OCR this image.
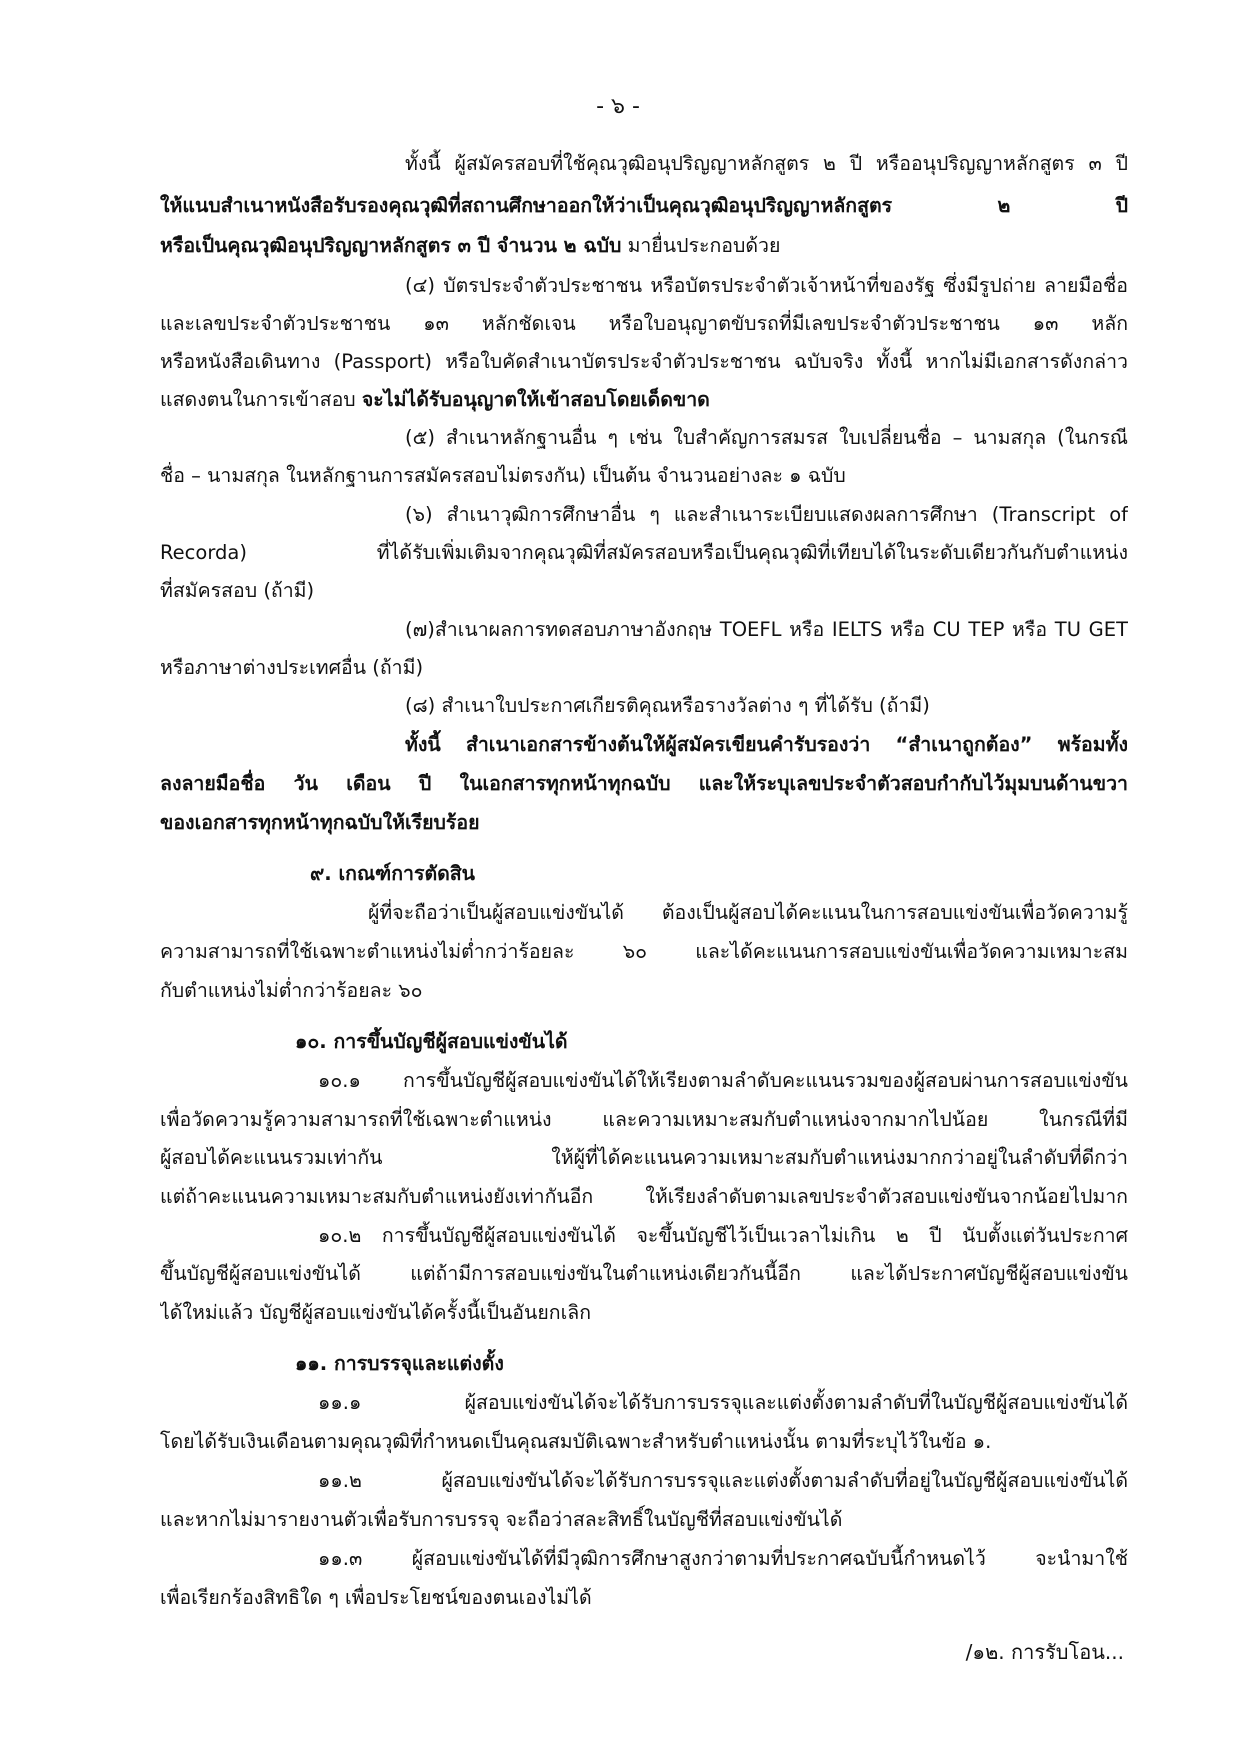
- ๖ -
ทั้งนี้ ผู้สมัครสอบที่ใช้คุณวุฒิอนุปริญญาหลักสูตร ๒ ปี หรืออนุปริญญาหลักสูตร ๓ ปี
ให้แนบสำเนาหนังสือรับรองคุณวุฒิที่สถานศึกษาออกให้ว่าเป็นคุณวุฒิอนุปริญญาหลักสูตร ๒ ปี
หรือเป็นคุณวุฒิอนุปริญญาหลักสูตร ๓ ปี จำนวน ๒ ฉบับ มายื่นประกอบด้วย
(๔) บัตรประจำตัวประชาชน หรือบัตรประจำตัวเจ้าหน้าที่ของรัฐ ซึ่งมีรูปถ่าย ลายมือชื่อ
และเลขประจำตัวประชาชน ๑๓ หลักชัดเจน หรือใบอนุญาตขับรถที่มีเลขประจำตัวประชาชน ๑๓ หลัก
หรือหนังสือเดินทาง (Passport) หรือใบคัดสำเนาบัตรประจำตัวประชาชน ฉบับจริง ทั้งนี้ หากไม่มีเอกสารดังกล่าว
แสดงตนในการเข้าสอบ จะไม่ได้รับอนุญาตให้เข้าสอบโดยเด็ดขาด
(๕) สำเนาหลักฐานอื่น ๆ เช่น ใบสำคัญการสมรส ใบเปลี่ยนชื่อ – นามสกุล (ในกรณี
ชื่อ – นามสกุล ในหลักฐานการสมัครสอบไม่ตรงกัน) เป็นต้น จำนวนอย่างละ ๑ ฉบับ
(๖) สำเนาวุฒิการศึกษาอื่น ๆ และสำเนาระเบียบแสดงผลการศึกษา (Transcript of
Recorda) ที่ได้รับเพิ่มเติมจากคุณวุฒิที่สมัครสอบหรือเป็นคุณวุฒิที่เทียบได้ในระดับเดียวกันกับตำแหน่ง
ที่สมัครสอบ (ถ้ามี)
(๗)สำเนาผลการทดสอบภาษาอังกฤษ TOEFL หรือ IELTS หรือ CU TEP หรือ TU GET
หรือภาษาต่างประเทศอื่น (ถ้ามี)
(๘) สำเนาใบประกาศเกียรติคุณหรือรางวัลต่าง ๆ ที่ได้รับ (ถ้ามี)
ทั้งนี้ สำเนาเอกสารข้างต้นให้ผู้สมัครเขียนคำรับรองว่า “สำเนาถูกต้อง” พร้อมทั้ง
ลงลายมือชื่อ วัน เดือน ปี ในเอกสารทุกหน้าทุกฉบับ และให้ระบุเลขประจำตัวสอบกำกับไว้มุมบนด้านขวา
ของเอกสารทุกหน้าทุกฉบับให้เรียบร้อย
๙. เกณฑ์การตัดสิน
ผู้ที่จะถือว่าเป็นผู้สอบแข่งขันได้ ต้องเป็นผู้สอบได้คะแนนในการสอบแข่งขันเพื่อวัดความรู้
ความสามารถที่ใช้เฉพาะตำแหน่งไม่ต่ำกว่าร้อยละ ๖๐ และได้คะแนนการสอบแข่งขันเพื่อวัดความเหมาะสม
กับตำแหน่งไม่ต่ำกว่าร้อยละ ๖๐
๑๐. การขึ้นบัญชีผู้สอบแข่งขันได้
๑๐.๑ การขึ้นบัญชีผู้สอบแข่งขันได้ให้เรียงตามลำดับคะแนนรวมของผู้สอบผ่านการสอบแข่งขัน
เพื่อวัดความรู้ความสามารถที่ใช้เฉพาะตำแหน่ง และความเหมาะสมกับตำแหน่งจากมากไปน้อย ในกรณีที่มี
ผู้สอบได้คะแนนรวมเท่ากัน ให้ผู้ที่ได้คะแนนความเหมาะสมกับตำแหน่งมากกว่าอยู่ในลำดับที่ดีกว่า
แต่ถ้าคะแนนความเหมาะสมกับตำแหน่งยังเท่ากันอีก ให้เรียงลำดับตามเลขประจำตัวสอบแข่งขันจากน้อยไปมาก
๑๐.๒ การขึ้นบัญชีผู้สอบแข่งขันได้ จะขึ้นบัญชีไว้เป็นเวลาไม่เกิน ๒ ปี นับตั้งแต่วันประกาศ
ขึ้นบัญชีผู้สอบแข่งขันได้ แต่ถ้ามีการสอบแข่งขันในตำแหน่งเดียวกันนี้อีก และได้ประกาศบัญชีผู้สอบแข่งขัน
ได้ใหม่แล้ว บัญชีผู้สอบแข่งขันได้ครั้งนี้เป็นอันยกเลิก
๑๑. การบรรจุและแต่งตั้ง
๑๑.๑ ผู้สอบแข่งขันได้จะได้รับการบรรจุและแต่งตั้งตามลำดับที่ในบัญชีผู้สอบแข่งขันได้
โดยได้รับเงินเดือนตามคุณวุฒิที่กำหนดเป็นคุณสมบัติเฉพาะสำหรับตำแหน่งนั้น ตามที่ระบุไว้ในข้อ ๑.
๑๑.๒ ผู้สอบแข่งขันได้จะได้รับการบรรจุและแต่งตั้งตามลำดับที่อยู่ในบัญชีผู้สอบแข่งขันได้
และหากไม่มารายงานตัวเพื่อรับการบรรจุ จะถือว่าสละสิทธิ์ในบัญชีที่สอบแข่งขันได้
๑๑.๓ ผู้สอบแข่งขันได้ที่มีวุฒิการศึกษาสูงกว่าตามที่ประกาศฉบับนี้กำหนดไว้ จะนำมาใช้
เพื่อเรียกร้องสิทธิใด ๆ เพื่อประโยชน์ของตนเองไม่ได้
/๑๒. การรับโอน...
